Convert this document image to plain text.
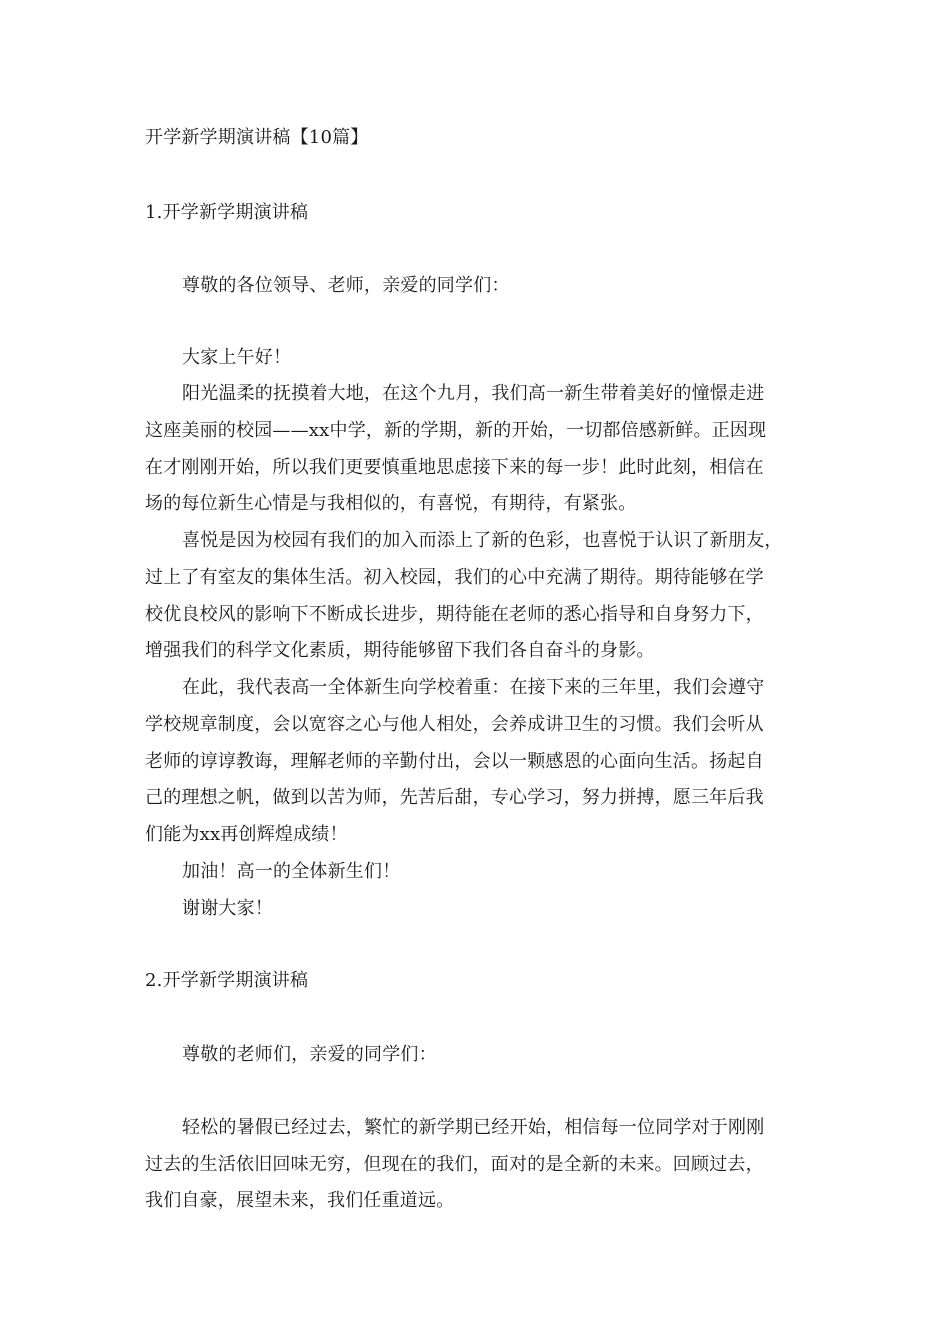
开学新学期演讲稿【10篇】
1.开学新学期演讲稿
尊敬的各位领导、老师，亲爱的同学们：
大家上午好！
阳光温柔的抚摸着大地，在这个九月，我们高一新生带着美好的憧憬走进
这座美丽的校园——xx中学，新的学期，新的开始，一切都倍感新鲜。正因现
在才刚刚开始，所以我们更要慎重地思虑接下来的每一步！此时此刻，相信在
场的每位新生心情是与我相似的，有喜悦，有期待，有紧张。
喜悦是因为校园有我们的加入而添上了新的色彩，也喜悦于认识了新朋友，
过上了有室友的集体生活。初入校园，我们的心中充满了期待。期待能够在学
校优良校风的影响下不断成长进步，期待能在老师的悉心指导和自身努力下，
增强我们的科学文化素质，期待能够留下我们各自奋斗的身影。
在此，我代表高一全体新生向学校着重：在接下来的三年里，我们会遵守
学校规章制度，会以宽容之心与他人相处，会养成讲卫生的习惯。我们会听从
老师的谆谆教诲，理解老师的辛勤付出，会以一颗感恩的心面向生活。扬起自
己的理想之帆，做到以苦为师，先苦后甜，专心学习，努力拼搏，愿三年后我
们能为xx再创辉煌成绩！
加油！高一的全体新生们！
谢谢大家！
2.开学新学期演讲稿
尊敬的老师们，亲爱的同学们：
轻松的暑假已经过去，繁忙的新学期已经开始，相信每一位同学对于刚刚
过去的生活依旧回味无穷，但现在的我们，面对的是全新的未来。回顾过去，
我们自豪，展望未来，我们任重道远。
